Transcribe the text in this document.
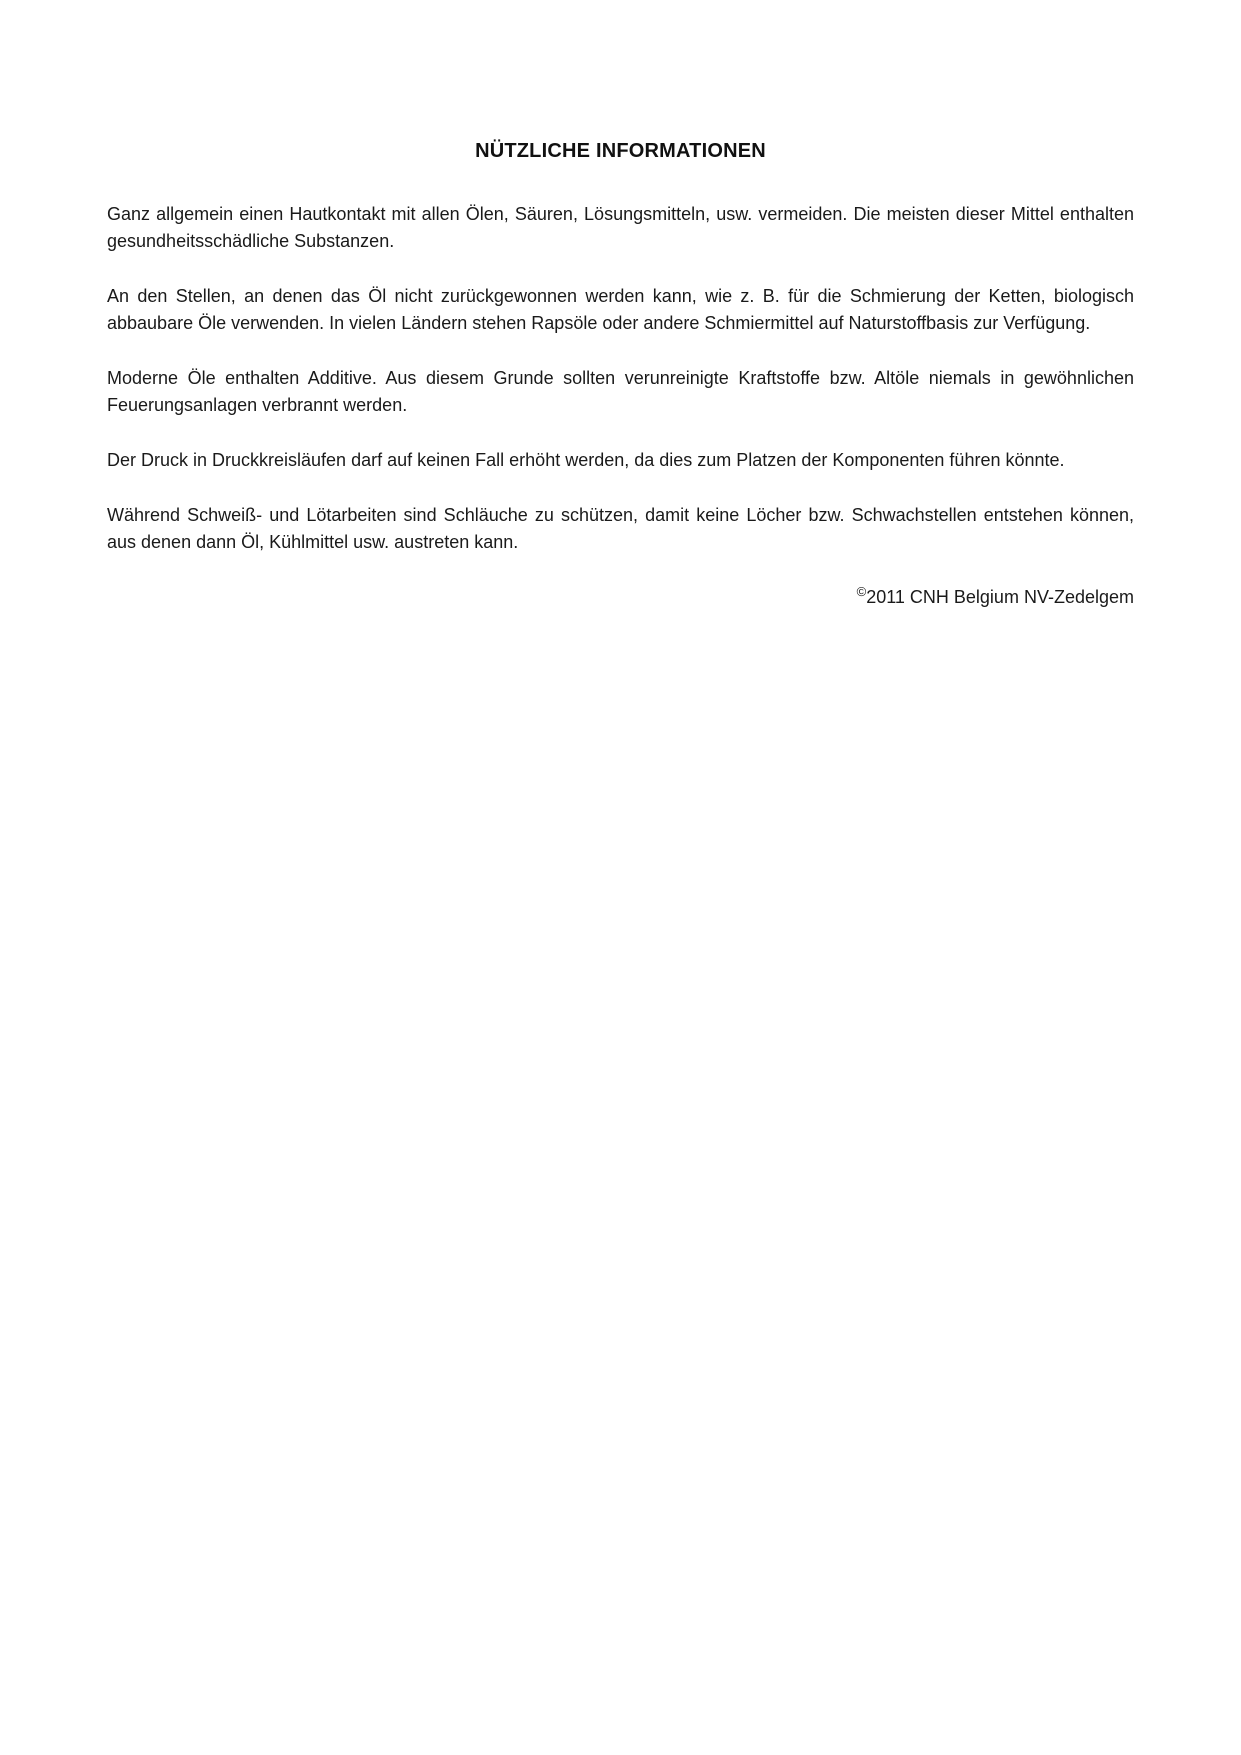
NÜTZLICHE INFORMATIONEN

Ganz allgemein einen Hautkontakt mit allen Ölen, Säuren, Lösungsmitteln, usw. vermeiden. Die meisten dieser Mittel enthalten gesundheitsschädliche Substanzen.

An den Stellen, an denen das Öl nicht zurückgewonnen werden kann, wie z. B. für die Schmierung der Ketten, biologisch abbaubare Öle verwenden. In vielen Ländern stehen Rapsöle oder andere Schmiermittel auf Naturstoffbasis zur Verfügung.

Moderne Öle enthalten Additive. Aus diesem Grunde sollten verunreinigte Kraftstoffe bzw. Altöle niemals in gewöhnlichen Feuerungsanlagen verbrannt werden.

Der Druck in Druckkreisläufen darf auf keinen Fall erhöht werden, da dies zum Platzen der Komponenten führen könnte.

Während Schweiß- und Lötarbeiten sind Schläuche zu schützen, damit keine Löcher bzw. Schwachstellen entstehen können, aus denen dann Öl, Kühlmittel usw. austreten kann.

©2011 CNH Belgium NV-Zedelgem
